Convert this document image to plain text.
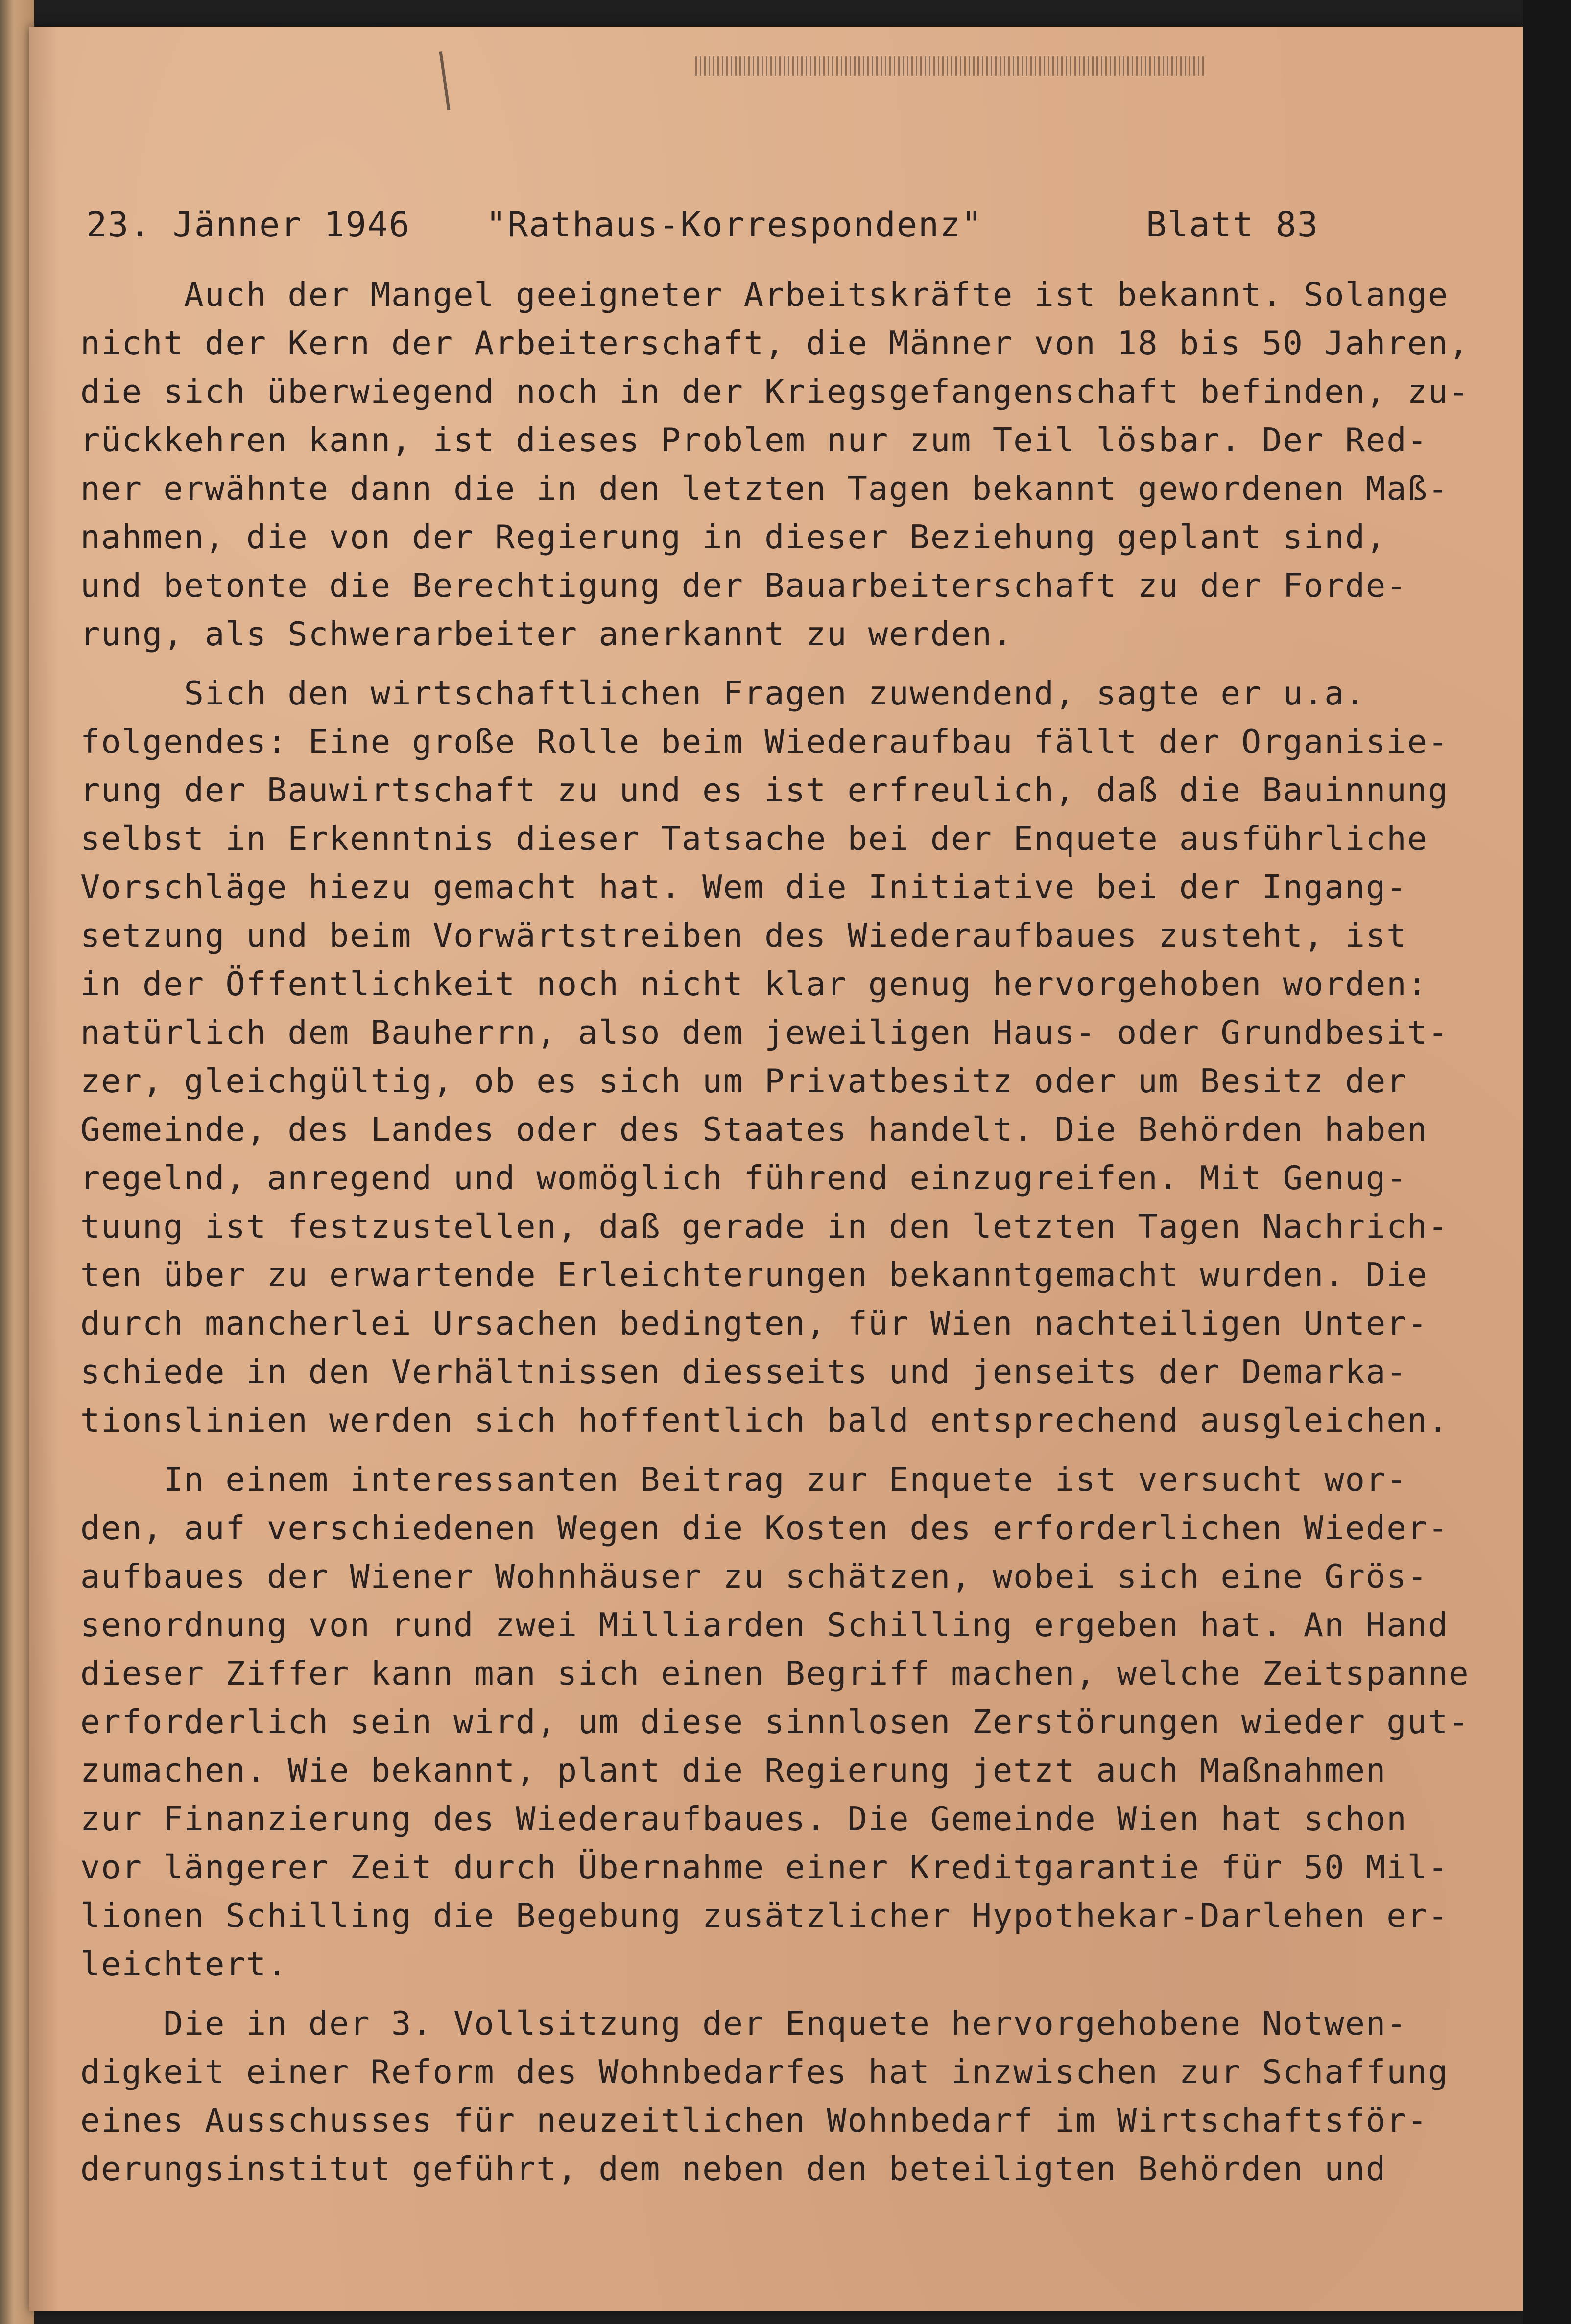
23. Jänner 1946 "Rathaus-Korrespondenz"	Blatt 83
Auch der Mangel geeigneter Arbeitskräfte ist bekannt. Solange
nicht der Kern der Arbeiterschaft, die Männer von 18 bis 50 Jahren,
die sich überwiegend noch in der Kriegsgefangenschaft befinden, zu-
rückkehren kann, ist dieses Problem nur zum Teil lösbar. Der Red-
ner erwähnte dann die in den letzten Tagen bekannt gewordenen Maß-
nahmen, die von der Regierung in dieser Beziehung geplant sind,
und betonte die Berechtigung der Bauarbeiterschaft zu der Forde-
rung, als Schwerarbeiter anerkannt zu werden.
Sich den wirtschaftlichen Fragen zuwendend, sagte er u.a.
folgendes: Eine große Rolle beim Wiederaufbau fällt der Organisie-
rung der Bauwirtschaft zu und es ist erfreulich, daß die Bauinnung
selbst in Erkenntnis dieser Tatsache bei der Enquete ausführliche
Vorschläge hiezu gemacht hat. Wem die Initiative bei der Ingang-
setzung und beim Vorwärtstreiben des Wiederaufbaues zusteht, ist
in der Öffentlichkeit noch nicht klar genug hervorgehoben worden:
natürlich dem Bauherrn, also dem jeweiligen Haus- oder Grundbesit-
zer, gleichgültig, ob es sich um Privatbesitz oder um Besitz der
Gemeinde, des Landes oder des Staates handelt. Die Behörden haben
regelnd, anregend und womöglich führend einzugreifen. Mit Genug-
tuung ist festzustellen, daß gerade in den letzten Tagen Nachrich-
ten über zu erwartende Erleichterungen bekanntgemacht wurden. Die
durch mancherlei Ursachen bedingten, für Wien nachteiligen Unter-
schiede in den Verhältnissen diesseits und jenseits der Demarka-
tionslinien werden sich hoffentlich bald entsprechend ausgleichen.
In einem interessanten Beitrag zur Enquete ist versucht wor-
den, auf verschiedenen Wegen die Kosten des erforderlichen Wieder-
aufbaues der Wiener Wohnhäuser zu schätzen, wobei sich eine Grös-
senordnung von rund zwei Milliarden Schilling ergeben hat. An Hand
dieser Ziffer kann man sich einen Begriff machen, welche Zeitspanne
erforderlich sein wird, um diese sinnlosen Zerstörungen wieder gut-
zumachen. Wie bekannt, plant die Regierung jetzt auch Maßnahmen
zur Finanzierung des Wiederaufbaues. Die Gemeinde Wien hat schon
vor längerer Zeit durch Übernahme einer Kreditgarantie für 50 Mil-
lionen Schilling die Begebung zusätzlicher Hypothekar-Darlehen er-
leichtert.
Die in der 3. Vollsitzung der Enquete hervorgehobene Notwen-
digkeit einer Reform des Wohnbedarfes hat inzwischen zur Schaffung
eines Ausschusses für neuzeitlichen Wohnbedarf im Wirtschaftsför-
derungsinstitut geführt, dem neben den beteiligten Behörden und
